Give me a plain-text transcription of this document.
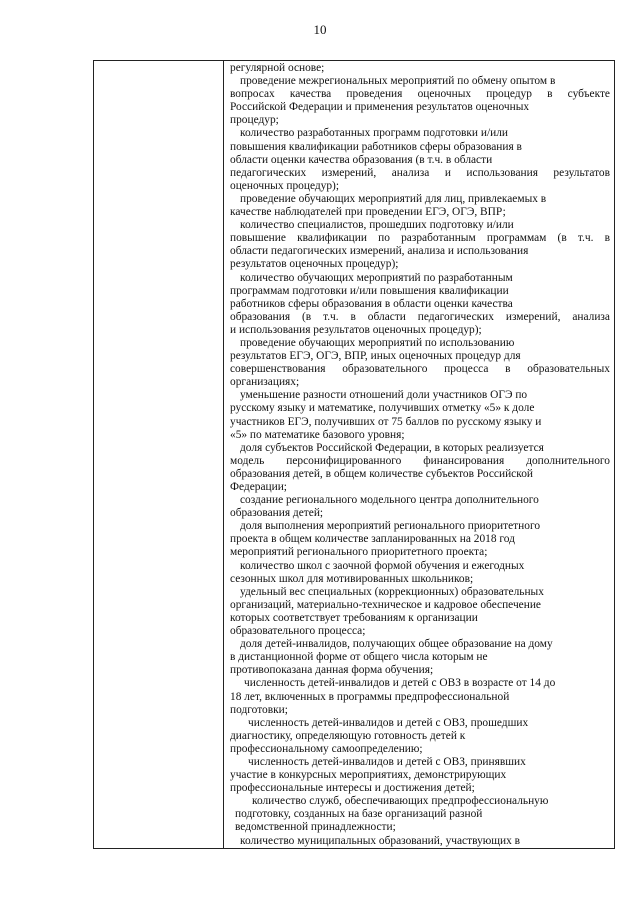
10

регулярной основе;
проведение межрегиональных мероприятий по обмену опытом в
вопросах качества проведения оценочных процедур в субъекте
Российской Федерации и применения результатов оценочных
процедур;
количество разработанных программ подготовки и/или
повышения квалификации работников сферы образования в
области оценки качества образования (в т.ч. в области
педагогических измерений, анализа и использования результатов
оценочных процедур);
проведение обучающих мероприятий для лиц, привлекаемых в
качестве наблюдателей при проведении ЕГЭ, ОГЭ, ВПР;
количество специалистов, прошедших подготовку и/или
повышение квалификации по разработанным программам (в т.ч. в
области педагогических измерений, анализа и использования
результатов оценочных процедур);
количество обучающих мероприятий по разработанным
программам подготовки и/или повышения квалификации
работников сферы образования в области оценки качества
образования (в т.ч. в области педагогических измерений, анализа
и использования результатов оценочных процедур);
проведение обучающих мероприятий по использованию
результатов ЕГЭ, ОГЭ, ВПР, иных оценочных процедур для
совершенствования образовательного процесса в образовательных
организациях;
уменьшение разности отношений доли участников ОГЭ по
русскому языку и математике, получивших отметку «5» к доле
участников ЕГЭ, получивших от 75 баллов по русскому языку и
«5» по математике базового уровня;
доля субъектов Российской Федерации, в которых реализуется
модель персонифицированного финансирования дополнительного
образования детей, в общем количестве субъектов Российской
Федерации;
создание регионального модельного центра дополнительного
образования детей;
доля выполнения мероприятий регионального приоритетного
проекта в общем количестве запланированных на 2018 год
мероприятий регионального приоритетного проекта;
количество школ с заочной формой обучения и ежегодных
сезонных школ для мотивированных школьников;
удельный вес специальных (коррекционных) образовательных
организаций, материально-техническое и кадровое обеспечение
которых соответствует требованиям к организации
образовательного процесса;
доля детей-инвалидов, получающих общее образование на дому
в дистанционной форме от общего числа которым не
противопоказана данная форма обучения;
численность детей-инвалидов и детей с ОВЗ в возрасте от 14 до
18 лет, включенных в программы предпрофессиональной
подготовки;
численность детей-инвалидов и детей с ОВЗ, прошедших
диагностику, определяющую готовность детей к
профессиональному самоопределению;
численность детей-инвалидов и детей с ОВЗ, принявших
участие в конкурсных мероприятиях, демонстрирующих
профессиональные интересы и достижения детей;
количество служб, обеспечивающих предпрофессиональную
подготовку, созданных на базе организаций разной
ведомственной принадлежности;
количество муниципальных образований, участвующих в
